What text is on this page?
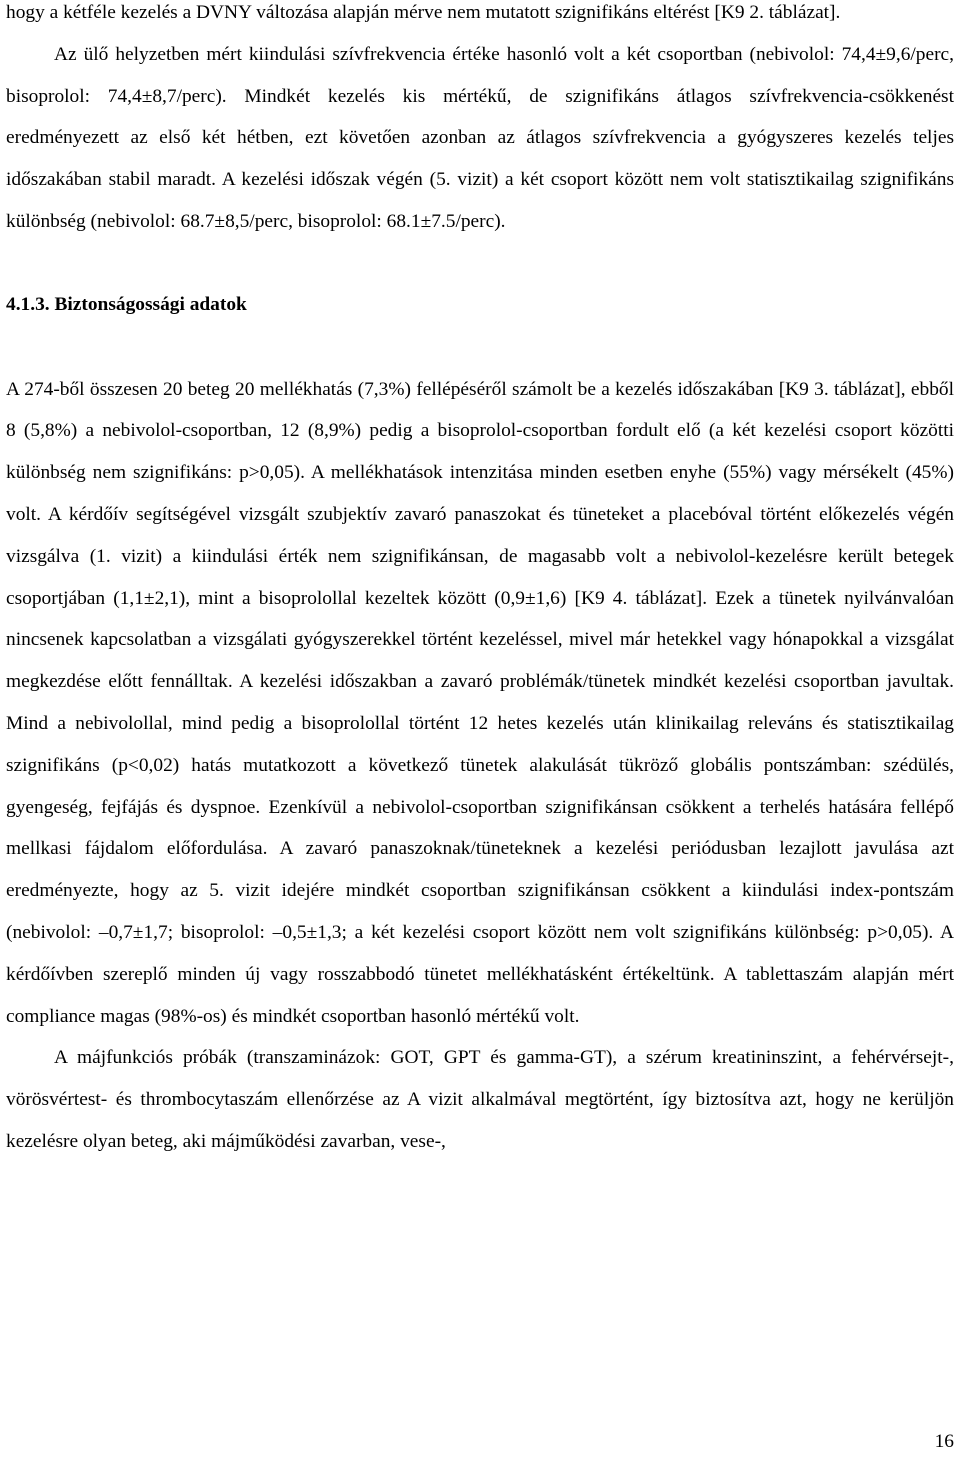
hogy a kétféle kezelés a DVNY változása alapján mérve nem mutatott szignifikáns eltérést [K9 2. táblázat].

Az ülő helyzetben mért kiindulási szívfrekvencia értéke hasonló volt a két csoportban (nebivolol: 74,4±9,6/perc, bisoprolol: 74,4±8,7/perc). Mindkét kezelés kis mértékű, de szignifikáns átlagos szívfrekvencia-csökkenést eredményezett az első két hétben, ezt követően azonban az átlagos szívfrekvencia a gyógyszeres kezelés teljes időszakában stabil maradt. A kezelési időszak végén (5. vizit) a két csoport között nem volt statisztikailag szignifikáns különbség (nebivolol: 68.7±8,5/perc, bisoprolol: 68.1±7.5/perc).

4.1.3. Biztonságossági adatok

A 274-ből összesen 20 beteg 20 mellékhatás (7,3%) fellépéséről számolt be a kezelés időszakában [K9 3. táblázat], ebből 8 (5,8%) a nebivolol-csoportban, 12 (8,9%) pedig a bisoprolol-csoportban fordult elő (a két kezelési csoport közötti különbség nem szignifikáns: p>0,05). A mellékhatások intenzitása minden esetben enyhe (55%) vagy mérsékelt (45%) volt. A kérdőív segítségével vizsgált szubjektív zavaró panaszokat és tüneteket a placebóval történt előkezelés végén vizsgálva (1. vizit) a kiindulási érték nem szignifikánsan, de magasabb volt a nebivolol-kezelésre került betegek csoportjában (1,1±2,1), mint a bisoprolollal kezeltek között (0,9±1,6) [K9 4. táblázat]. Ezek a tünetek nyilvánvalóan nincsenek kapcsolatban a vizsgálati gyógyszerekkel történt kezeléssel, mivel már hetekkel vagy hónapokkal a vizsgálat megkezdése előtt fennálltak. A kezelési időszakban a zavaró problémák/tünetek mindkét kezelési csoportban javultak. Mind a nebivolollal, mind pedig a bisoprolollal történt 12 hetes kezelés után klinikailag releváns és statisztikailag szignifikáns (p<0,02) hatás mutatkozott a következő tünetek alakulását tükröző globális pontszámban: szédülés, gyengeség, fejfájás és dyspnoe. Ezenkívül a nebivolol-csoportban szignifikánsan csökkent a terhelés hatására fellépő mellkasi fájdalom előfordulása. A zavaró panaszoknak/tüneteknek a kezelési periódusban lezajlott javulása azt eredményezte, hogy az 5. vizit idejére mindkét csoportban szignifikánsan csökkent a kiindulási index-pontszám (nebivolol: –0,7±1,7; bisoprolol: –0,5±1,3; a két kezelési csoport között nem volt szignifikáns különbség: p>0,05). A kérdőívben szereplő minden új vagy rosszabbodó tünetet mellékhatásként értékeltünk. A tablettaszám alapján mért compliance magas (98%-os) és mindkét csoportban hasonló mértékű volt.

A májfunkciós próbák (transzaminázok: GOT, GPT és gamma-GT), a szérum kreatininszint, a fehérvérsejt-, vörösvértest- és thrombocytaszám ellenőrzése az A vizit alkalmával megtörtént, így biztosítva azt, hogy ne kerüljön kezelésre olyan beteg, aki májműködési zavarban, vese-,

16
